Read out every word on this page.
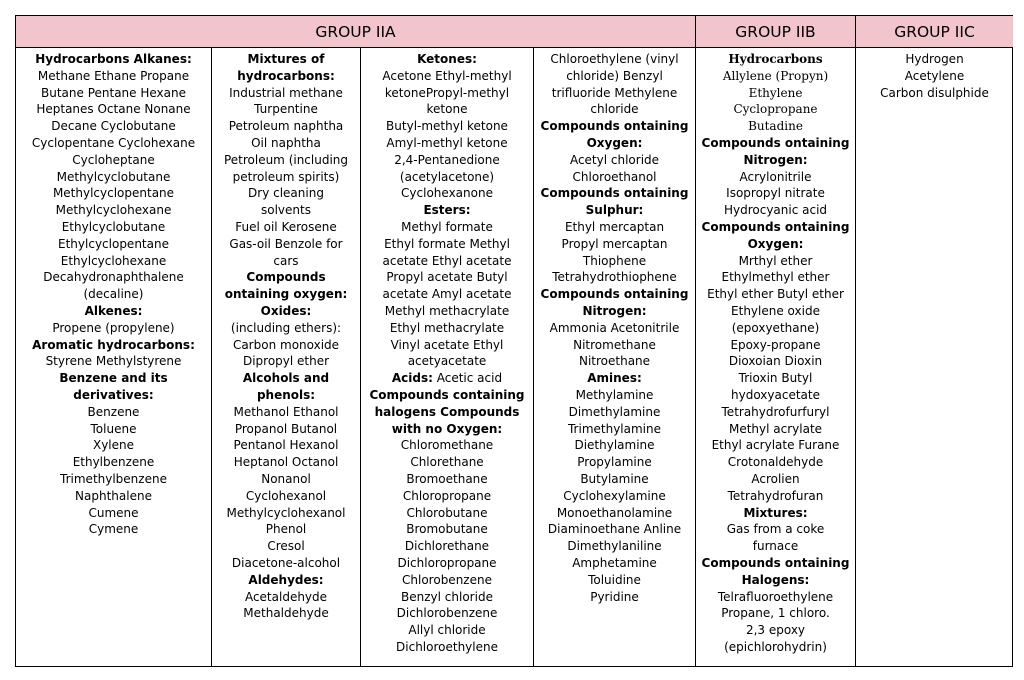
GROUP IIA	GROUP IIB	GROUP IIC
Hydrocarbons Alkanes:
Methane Ethane Propane
Butane Pentane Hexane
Heptanes Octane Nonane
Decane Cyclobutane
Cyclopentane Cyclohexane
Cycloheptane
Methylcyclobutane
Methylcyclopentane
Methylcyclohexane
Ethylcyclobutane
Ethylcyclopentane
Ethylcyclohexane
Decahydronaphthalene
(decaline)
Alkenes:
Propene (propylene)
Aromatic hydrocarbons:
Styrene Methylstyrene
Benzene and its
derivatives:
Benzene
Toluene
Xylene
Ethylbenzene
Trimethylbenzene
Naphthalene
Cumene
Cymene
Mixtures of
hydrocarbons:
Industrial methane
Turpentine
Petroleum naphtha
Oil naphtha
Petroleum (including
petroleum spirits)
Dry cleaning
solvents
Fuel oil Kerosene
Gas-oil Benzole for
cars
Compounds
ontaining oxygen:
Oxides:
(including ethers):
Carbon monoxide
Dipropyl ether
Alcohols and phenols:
Methanol Ethanol
Propanol Butanol
Pentanol Hexanol
Heptanol Octanol
Nonanol
Cyclohexanol
Methylcyclohexanol
Phenol
Cresol
Diacetone-alcohol
Aldehydes:
Acetaldehyde
Methaldehyde
Ketones:
Acetone Ethyl-methyl
ketonePropyl-methyl
ketone
Butyl-methyl ketone
Amyl-methyl ketone
2,4-Pentanedione
(acetylacetone)
Cyclohexanone
Esters:
Methyl formate
Ethyl formate Methyl
acetate Ethyl acetate
Propyl acetate Butyl
acetate Amyl acetate
Methyl methacrylate
Ethyl methacrylate
Vinyl acetate Ethyl
acetyacetate
Acids: Acetic acid
Compounds containing
halogens Compounds
with no Oxygen:
Chloromethane
Chlorethane
Bromoethane
Chloropropane
Chlorobutane
Bromobutane
Dichlorethane
Dichloropropane
Chlorobenzene
Benzyl chloride
Dichlorobenzene
Allyl chloride
Dichloroethylene
Chloroethylene (vinyl
chloride) Benzyl
trifluoride Methylene
chloride
Compounds ontaining
Oxygen:
Acetyl chloride
Chloroethanol
Compounds ontaining
Sulphur:
Ethyl mercaptan
Propyl mercaptan
Thiophene
Tetrahydrothiophene
Compounds ontaining
Nitrogen:
Ammonia Acetonitrile
Nitromethane
Nitroethane
Amines:
Methylamine
Dimethylamine
Trimethylamine
Diethylamine
Propylamine
Butylamine
Cyclohexylamine
Monoethanolamine
Diaminoethane Anline
Dimethylaniline
Amphetamine
Toluidine
Pyridine
Hydrocarbons
Allylene (Propyn)
Ethylene
Cyclopropane
Butadine
Compounds ontaining
Nitrogen:
Acrylonitrile
Isopropyl nitrate
Hydrocyanic acid
Compounds ontaining
Oxygen:
Mrthyl ether
Ethylmethyl ether
Ethyl ether Butyl ether
Ethylene oxide
(epoxyethane)
Epoxy-propane
Dioxoian Dioxin
Trioxin Butyl
hydoxyacetate
Tetrahydrofurfuryl
Methyl acrylate
Ethyl acrylate Furane
Crotonaldehyde
Acrolien
Tetrahydrofuran
Mixtures:
Gas from a coke
furnace
Compounds ontaining
Halogens:
Telrafluoroethylene
Propane, 1 chloro.
2,3 epoxy
(epichlorohydrin)
Hydrogen
Acetylene
Carbon disulphide
